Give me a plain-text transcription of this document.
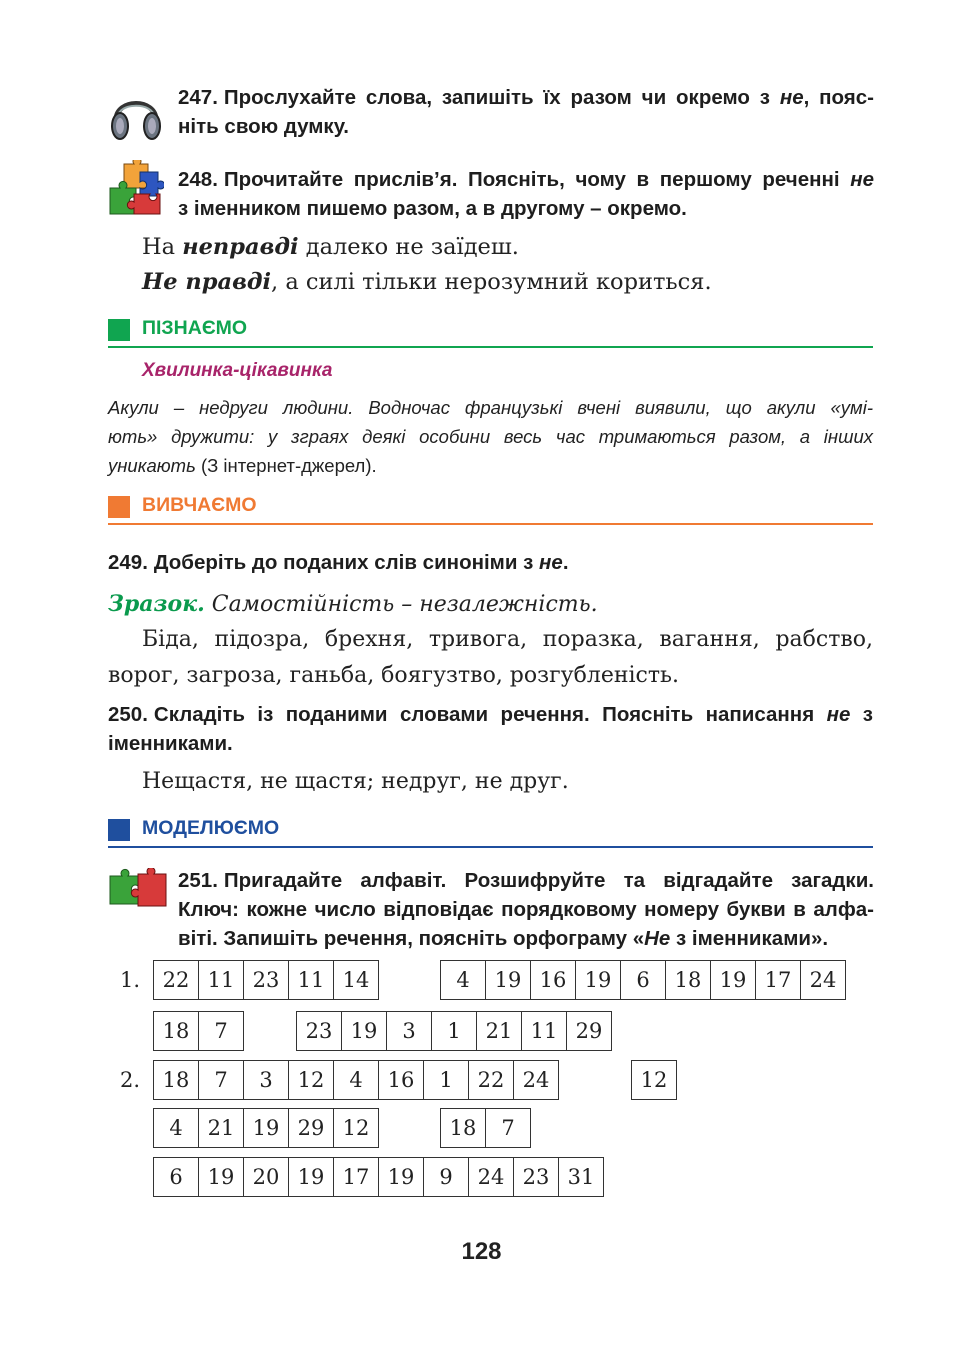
247. Прослухайте слова, запишіть їх разом чи окремо з не, пояс-
ніть свою думку.
248. Прочитайте прислів’я. Поясніть, чому в першому реченні не
з іменником пишемо разом, а в другому – окремо.
На неправді далеко не заїдеш.
Не правді, а силі тільки нерозумний кориться.
ПІЗНАЄМО
Хвилинка-цікавинка
Акули – недруги людини. Водночас французькі вчені виявили, що акули «умі-
ють» дружити: у зграях деякі особини весь час тримаються разом, а інших
уникають (З інтернет-джерел).
ВИВЧАЄМО
249. Доберіть до поданих слів синоніми з не.
Зразок. Самостійність – незалежність.
Біда, підозра, брехня, тривога, поразка, вагання, рабство,
ворог, загроза, ганьба, боягузтво, розгубленість.
250. Складіть із поданими словами речення. Поясніть написання не з
іменниками.
Нещастя, не щастя; недруг, не друг.
МОДЕЛЮЄМО
251. Пригадайте алфавіт. Розшифруйте та відгадайте загадки.
Ключ: кожне число відповідає порядковому номеру букви в алфа-
віті. Запишіть речення, поясніть орфограму «Не з іменниками».
1.	22 11 23 11 14	4	19 16 19	6	18 19 17 24
18	7	23 19	3	1	21 11 29
2.	18	7	3	12	4	16	1	22 24	12
4	21 19 29 12	18	7
6	19 20 19 17 19	9	24 23 31
128
